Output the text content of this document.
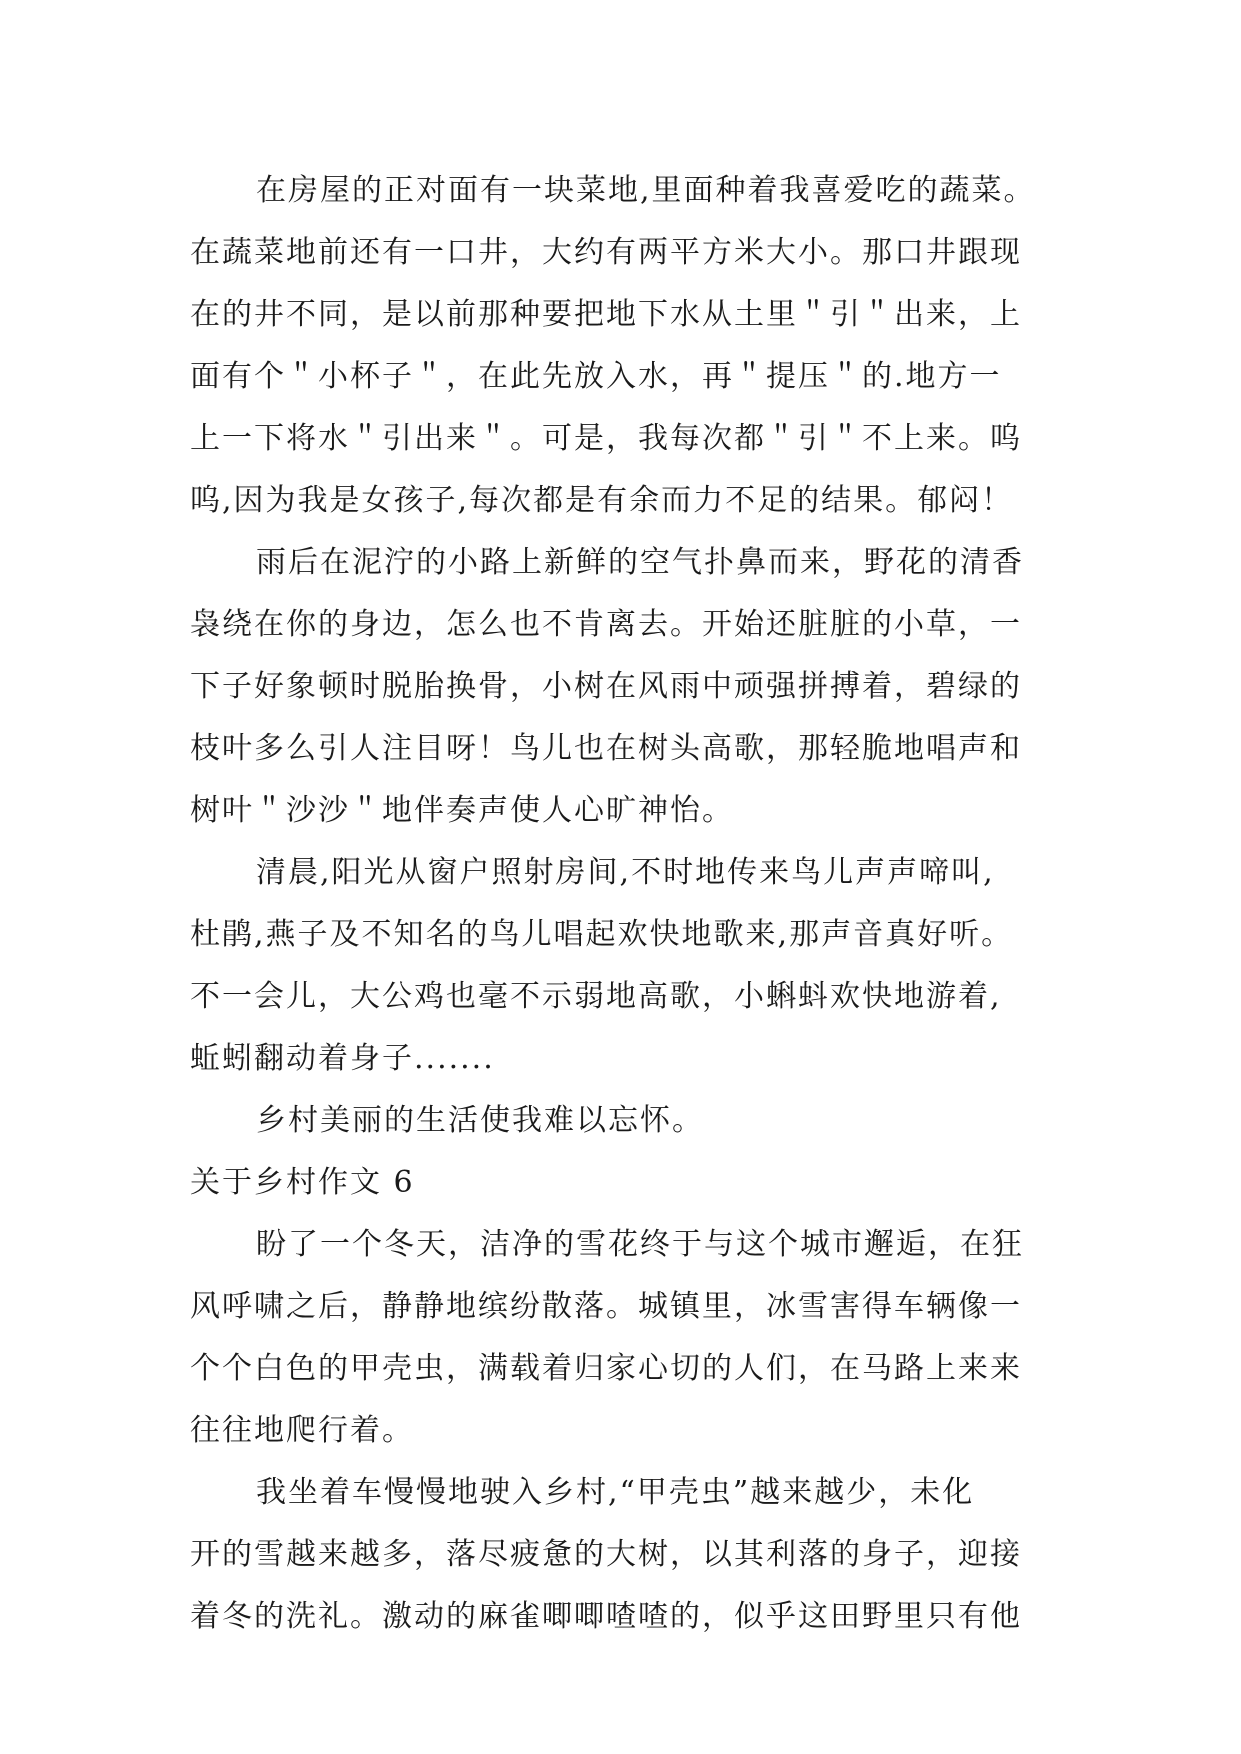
在房屋的正对面有一块菜地,里面种着我喜爱吃的蔬菜。
在蔬菜地前还有一口井，大约有两平方米大小。那口井跟现
在的井不同，是以前那种要把地下水从土里＂引＂出来，上
面有个＂小杯子＂，在此先放入水，再＂提压＂的.地方一
上一下将水＂引出来＂。可是，我每次都＂引＂不上来。呜
呜,因为我是女孩子,每次都是有余而力不足的结果。郁闷！
雨后在泥泞的小路上新鲜的空气扑鼻而来，野花的清香
袅绕在你的身边，怎么也不肯离去。开始还脏脏的小草，一
下子好象顿时脱胎换骨，小树在风雨中顽强拼搏着，碧绿的
枝叶多么引人注目呀！鸟儿也在树头高歌，那轻脆地唱声和
树叶＂沙沙＂地伴奏声使人心旷神怡。
清晨,阳光从窗户照射房间,不时地传来鸟儿声声啼叫,
杜鹃,燕子及不知名的鸟儿唱起欢快地歌来,那声音真好听。
不一会儿，大公鸡也毫不示弱地高歌，小蝌蚪欢快地游着,
蚯蚓翻动着身子.......
乡村美丽的生活使我难以忘怀。
关于乡村作文 6
盼了一个冬天，洁净的雪花终于与这个城市邂逅，在狂
风呼啸之后，静静地缤纷散落。城镇里，冰雪害得车辆像一
个个白色的甲壳虫，满载着归家心切的人们，在马路上来来
往往地爬行着。
我坐着车慢慢地驶入乡村,“甲壳虫”越来越少，未化
开的雪越来越多，落尽疲惫的大树，以其利落的身子，迎接
着冬的洗礼。激动的麻雀唧唧喳喳的，似乎这田野里只有他
